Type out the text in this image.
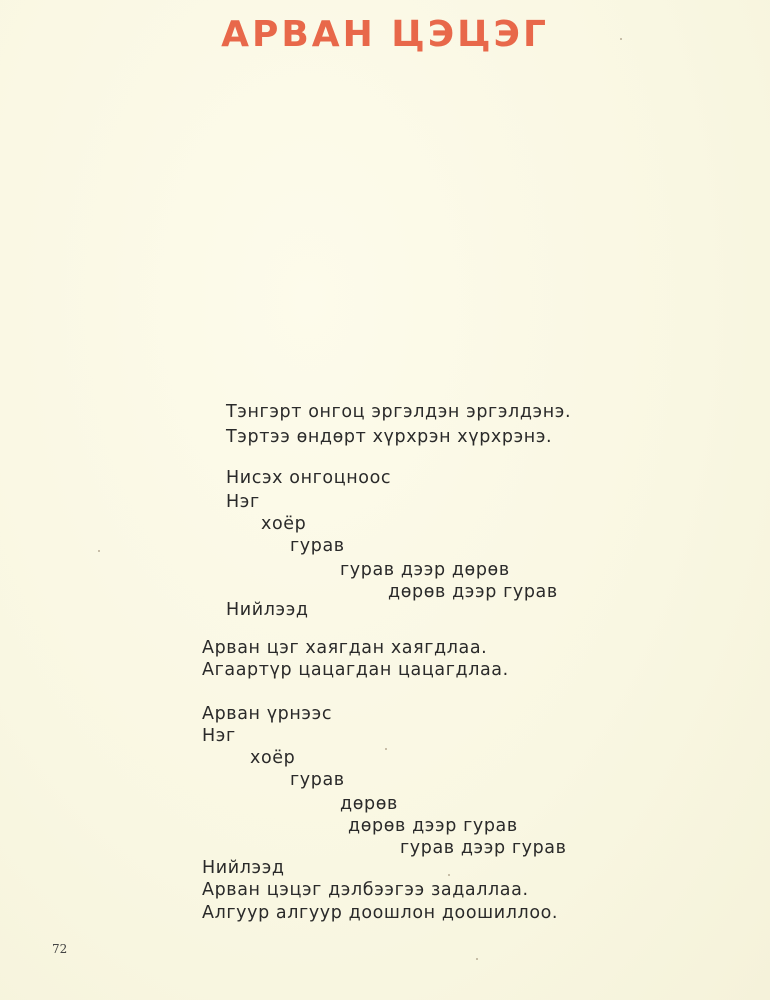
АРВАН ЦЭЦЭГ

Тэнгэрт онгоц эргэлдэн эргэлдэнэ.

Тэртээ өндөрт хүрхрэн хүрхрэнэ.

Нисэх онгоцноос

Нэг

хоёр

гурав

гурав дээр дөрөв

дөрөв дээр гурав

Нийлээд

Арван цэг хаягдан хаягдлаа.

Агаартүр цацагдан цацагдлаа.

Арван үрнээс

Нэг

хоёр

гурав

дөрөв

дөрөв дээр гурав

гурав дээр гурав

Нийлээд

Арван цэцэг дэлбээгээ задаллаа.

Алгуур алгуур доошлон доошиллоо.

72
